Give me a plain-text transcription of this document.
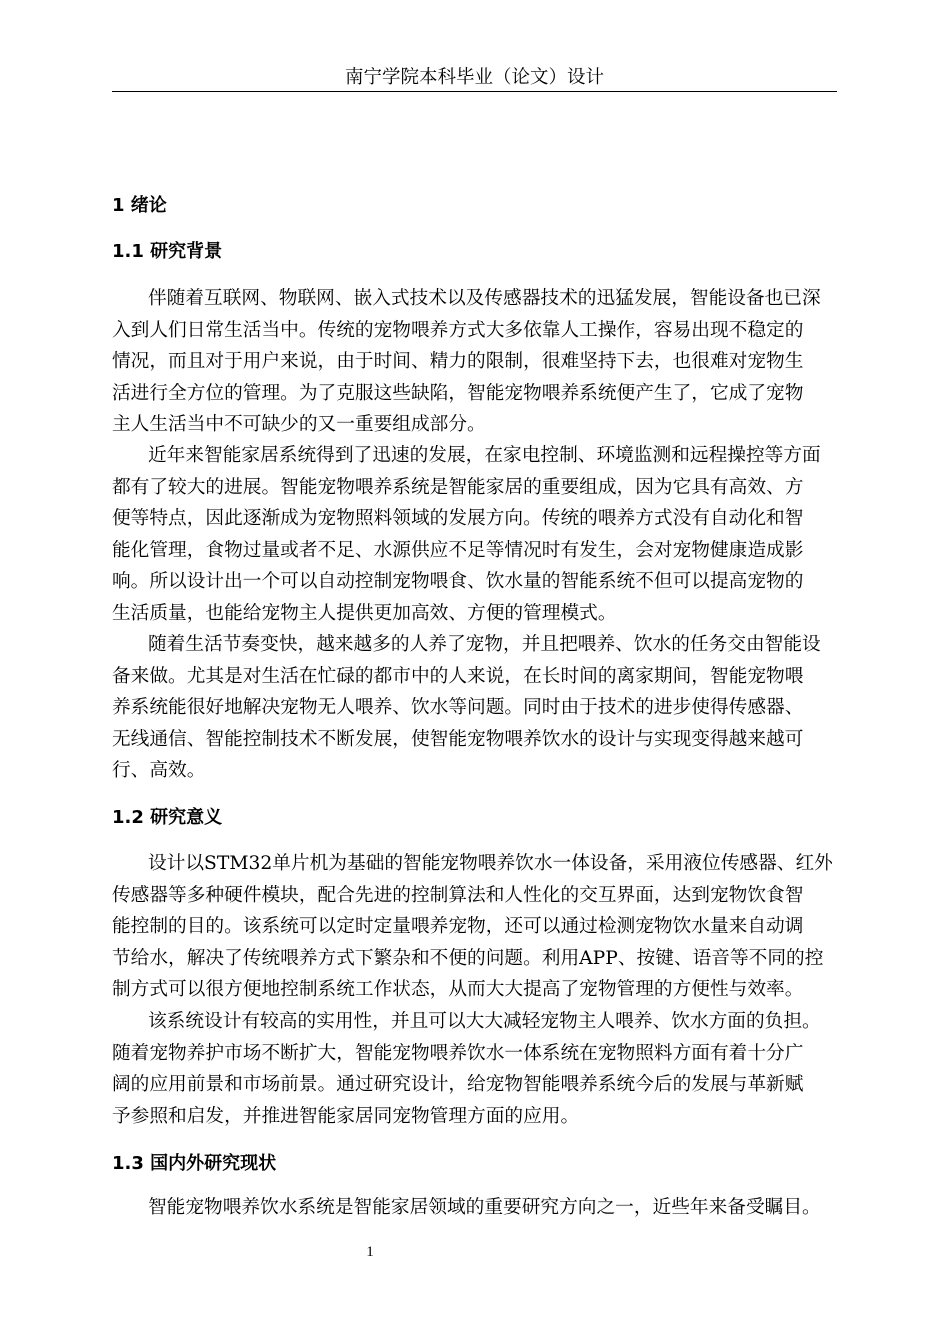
南宁学院本科毕业（论文）设计
1 绪论
1.1 研究背景
伴随着互联网、物联网、嵌入式技术以及传感器技术的迅猛发展，智能设备也已深
入到人们日常生活当中。传统的宠物喂养方式大多依靠人工操作，容易出现不稳定的
情况，而且对于用户来说，由于时间、精力的限制，很难坚持下去，也很难对宠物生
活进行全方位的管理。为了克服这些缺陷，智能宠物喂养系统便产生了，它成了宠物
主人生活当中不可缺少的又一重要组成部分。
近年来智能家居系统得到了迅速的发展，在家电控制、环境监测和远程操控等方面
都有了较大的进展。智能宠物喂养系统是智能家居的重要组成，因为它具有高效、方
便等特点，因此逐渐成为宠物照料领域的发展方向。传统的喂养方式没有自动化和智
能化管理，食物过量或者不足、水源供应不足等情况时有发生，会对宠物健康造成影
响。所以设计出一个可以自动控制宠物喂食、饮水量的智能系统不但可以提高宠物的
生活质量，也能给宠物主人提供更加高效、方便的管理模式。
随着生活节奏变快，越来越多的人养了宠物，并且把喂养、饮水的任务交由智能设
备来做。尤其是对生活在忙碌的都市中的人来说，在长时间的离家期间，智能宠物喂
养系统能很好地解决宠物无人喂养、饮水等问题。同时由于技术的进步使得传感器、
无线通信、智能控制技术不断发展，使智能宠物喂养饮水的设计与实现变得越来越可
行、高效。
1.2 研究意义
设计以STM32单片机为基础的智能宠物喂养饮水一体设备，采用液位传感器、红外
传感器等多种硬件模块，配合先进的控制算法和人性化的交互界面，达到宠物饮食智
能控制的目的。该系统可以定时定量喂养宠物，还可以通过检测宠物饮水量来自动调
节给水，解决了传统喂养方式下繁杂和不便的问题。利用APP、按键、语音等不同的控
制方式可以很方便地控制系统工作状态，从而大大提高了宠物管理的方便性与效率。
该系统设计有较高的实用性，并且可以大大减轻宠物主人喂养、饮水方面的负担。
随着宠物养护市场不断扩大，智能宠物喂养饮水一体系统在宠物照料方面有着十分广
阔的应用前景和市场前景。通过研究设计，给宠物智能喂养系统今后的发展与革新赋
予参照和启发，并推进智能家居同宠物管理方面的应用。
1.3 国内外研究现状
智能宠物喂养饮水系统是智能家居领域的重要研究方向之一，近些年来备受瞩目。
1
